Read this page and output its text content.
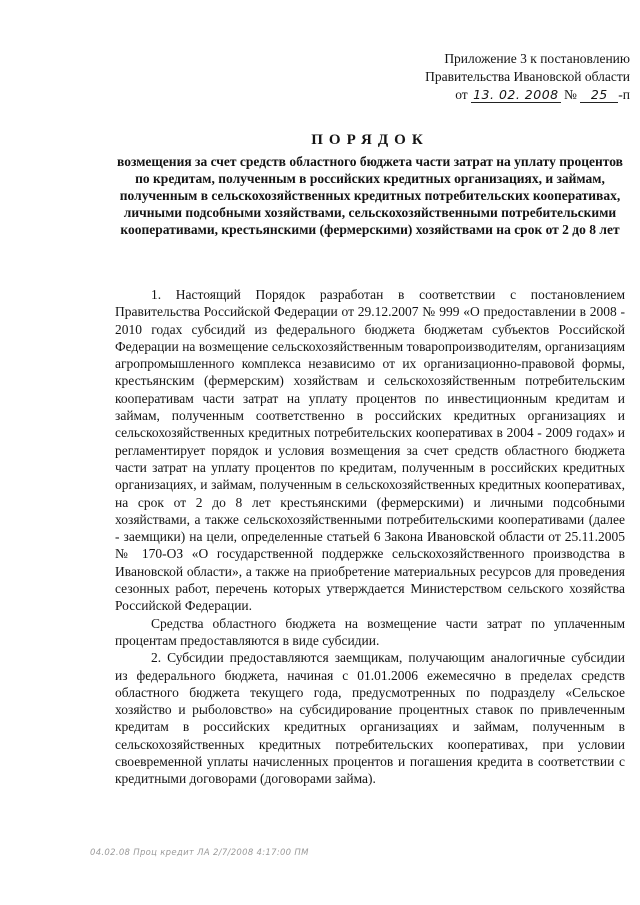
Приложение 3 к постановлению
Правительства Ивановской области
от 13. 02. 2008 № 25 -п
ПОРЯДОК
возмещения за счет средств областного бюджета части затрат на уплату процентов по кредитам, полученным в российских кредитных организациях, и займам, полученным в сельскохозяйственных кредитных потребительских кооперативах, личными подсобными хозяйствами, сельскохозяйственными потребительскими кооперативами, крестьянскими (фермерскими) хозяйствами на срок от 2 до 8 лет

1. Настоящий Порядок разработан в соответствии с постановлением Правительства Российской Федерации от 29.12.2007 № 999 «О предоставлении в 2008 - 2010 годах субсидий из федерального бюджета бюджетам субъектов Российской Федерации на возмещение сельскохозяйственным товаропроизводителям, организациям агропромышленного комплекса независимо от их организационно-правовой формы, крестьянским (фермерским) хозяйствам и сельскохозяйственным потребительским кооперативам части затрат на уплату процентов по инвестиционным кредитам и займам, полученным соответственно в российских кредитных организациях и сельскохозяйственных кредитных потребительских кооперативах в 2004 - 2009 годах» и регламентирует порядок и условия возмещения за счет средств областного бюджета части затрат на уплату процентов по кредитам, полученным в российских кредитных организациях, и займам, полученным в сельскохозяйственных кредитных кооперативах, на срок от 2 до 8 лет крестьянскими (фермерскими) и личными подсобными хозяйствами, а также сельскохозяйственными потребительскими кооперативами (далее - заемщики) на цели, определенные статьей 6 Закона Ивановской области от 25.11.2005 № 170-ОЗ «О государственной поддержке сельскохозяйственного производства в Ивановской области», а также на приобретение материальных ресурсов для проведения сезонных работ, перечень которых утверждается Министерством сельского хозяйства Российской Федерации.

Средства областного бюджета на возмещение части затрат по уплаченным процентам предоставляются в виде субсидии.

2. Субсидии предоставляются заемщикам, получающим аналогичные субсидии из федерального бюджета, начиная с 01.01.2006 ежемесячно в пределах средств областного бюджета текущего года, предусмотренных по подразделу «Сельское хозяйство и рыболовство» на субсидирование процентных ставок по привлеченным кредитам в российских кредитных организациях и займам, полученным в сельскохозяйственных кредитных потребительских кооперативах, при условии своевременной уплаты начисленных процентов и погашения кредита в соответствии с кредитными договорами (договорами займа).

04.02.08 Проц кредит ЛА 2/7/2008 4:17:00 ПМ
